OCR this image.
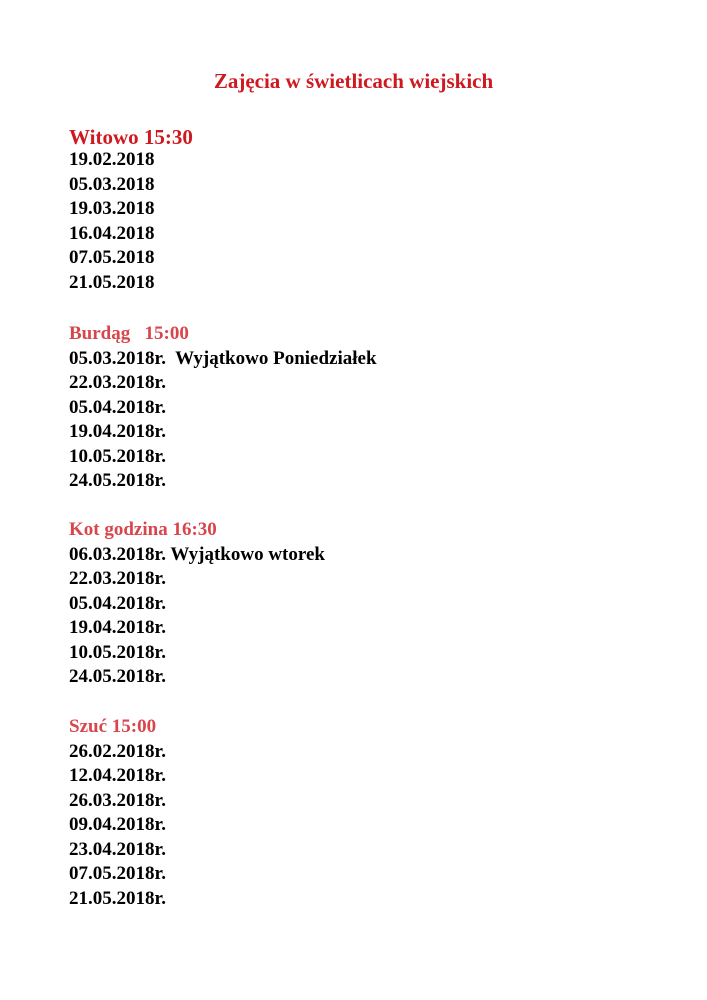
Zajęcia w świetlicach wiejskich
Witowo 15:30
19.02.2018
05.03.2018
19.03.2018
16.04.2018
07.05.2018
21.05.2018
Burdąg   15:00
05.03.2018r.  Wyjątkowo Poniedziałek
22.03.2018r.
05.04.2018r.
19.04.2018r.
10.05.2018r.
24.05.2018r.
Kot godzina 16:30
06.03.2018r. Wyjątkowo wtorek
22.03.2018r.
05.04.2018r.
19.04.2018r.
10.05.2018r.
24.05.2018r.
Szuć 15:00
26.02.2018r.
12.04.2018r.
26.03.2018r.
09.04.2018r.
23.04.2018r.
07.05.2018r.
21.05.2018r.
